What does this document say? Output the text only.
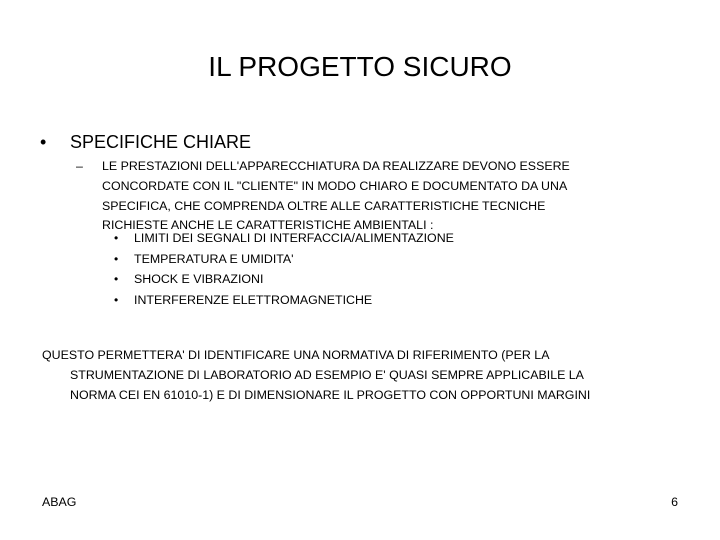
IL PROGETTO SICURO
•	SPECIFICHE CHIARE
–	LE PRESTAZIONI DELL'APPARECCHIATURA DA REALIZZARE DEVONO ESSERE
CONCORDATE CON IL "CLIENTE" IN MODO CHIARO E DOCUMENTATO DA UNA
SPECIFICA, CHE COMPRENDA OLTRE ALLE CARATTERISTICHE TECNICHE
RICHIESTE ANCHE LE CARATTERISTICHE AMBIENTALI :
•	LIMITI DEI SEGNALI DI INTERFACCIA/ALIMENTAZIONE
•	TEMPERATURA E UMIDITA'
•	SHOCK E VIBRAZIONI
•	INTERFERENZE ELETTROMAGNETICHE
QUESTO PERMETTERA' DI IDENTIFICARE UNA NORMATIVA DI RIFERIMENTO (PER LA
STRUMENTAZIONE DI LABORATORIO AD ESEMPIO E' QUASI SEMPRE APPLICABILE LA
NORMA CEI EN 61010-1) E DI DIMENSIONARE IL PROGETTO CON OPPORTUNI MARGINI
ABAG	6
